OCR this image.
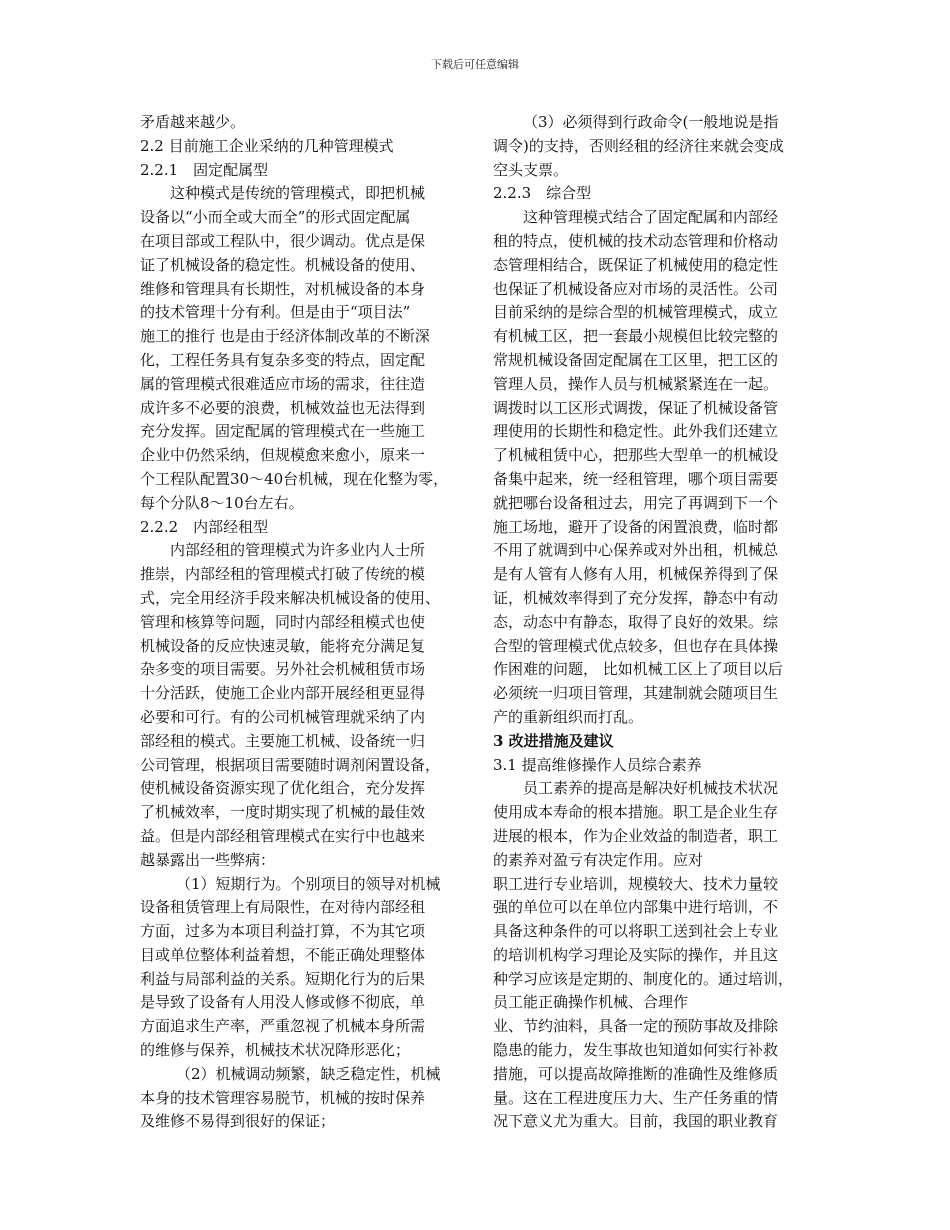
下载后可任意编辑
矛盾越来越少。
2.2 目前施工企业采纳的几种管理模式
2.2.1　固定配属型
这种模式是传统的管理模式，即把机械
设备以“小而全或大而全”的形式固定配属
在项目部或工程队中，很少调动。优点是保
证了机械设备的稳定性。机械设备的使用、
维修和管理具有长期性，对机械设备的本身
的技术管理十分有利。但是由于“项目法”
施工的推行 也是由于经济体制改革的不断深
化，工程任务具有复杂多变的特点，固定配
属的管理模式很难适应市场的需求，往往造
成许多不必要的浪费，机械效益也无法得到
充分发挥。固定配属的管理模式在一些施工
企业中仍然采纳，但规模愈来愈小，原来一
个工程队配置30～40台机械，现在化整为零，
每个分队8～10台左右。
2.2.2　内部经租型
内部经租的管理模式为许多业内人士所
推崇，内部经租的管理模式打破了传统的模
式，完全用经济手段来解决机械设备的使用、
管理和核算等问题，同时内部经租模式也使
机械设备的反应快速灵敏，能将充分满足复
杂多变的项目需要。另外社会机械租赁市场
十分活跃，使施工企业内部开展经租更显得
必要和可行。有的公司机械管理就采纳了内
部经租的模式。主要施工机械、设备统一归
公司管理，根据项目需要随时调剂闲置设备，
使机械设备资源实现了优化组合，充分发挥
了机械效率，一度时期实现了机械的最佳效
益。但是内部经租管理模式在实行中也越来
越暴露出一些弊病：
（1）短期行为。个别项目的领导对机械
设备租赁管理上有局限性，在对待内部经租
方面，过多为本项目利益打算，不为其它项
目或单位整体利益着想，不能正确处理整体
利益与局部利益的关系。短期化行为的后果
是导致了设备有人用没人修或修不彻底，单
方面追求生产率，严重忽视了机械本身所需
的维修与保养，机械技术状况降形恶化；
（2）机械调动频繁，缺乏稳定性，机械
本身的技术管理容易脱节，机械的按时保养
及维修不易得到很好的保证；
（3）必须得到行政命令(一般地说是指
调令)的支持，否则经租的经济往来就会变成
空头支票。
2.2.3　综合型
这种管理模式结合了固定配属和内部经
租的特点，使机械的技术动态管理和价格动
态管理相结合，既保证了机械使用的稳定性
也保证了机械设备应对市场的灵活性。公司
目前采纳的是综合型的机械管理模式，成立
有机械工区，把一套最小规模但比较完整的
常规机械设备固定配属在工区里，把工区的
管理人员，操作人员与机械紧紧连在一起。
调拨时以工区形式调拨，保证了机械设备管
理使用的长期性和稳定性。此外我们还建立
了机械租赁中心，把那些大型单一的机械设
备集中起来，统一经租管理，哪个项目需要
就把哪台设备租过去，用完了再调到下一个
施工场地，避开了设备的闲置浪费，临时都
不用了就调到中心保养或对外出租，机械总
是有人管有人修有人用，机械保养得到了保
证，机械效率得到了充分发挥，静态中有动
态，动态中有静态，取得了良好的效果。综
合型的管理模式优点较多，但也存在具体操
作困难的问题， 比如机械工区上了项目以后
必须统一归项目管理，其建制就会随项目生
产的重新组织而打乱。
3 改进措施及建议
3.1 提高维修操作人员综合素养
员工素养的提高是解决好机械技术状况
使用成本寿命的根本措施。职工是企业生存
进展的根本，作为企业效益的制造者，职工
的素养对盈亏有决定作用。应对
职工进行专业培训，规模较大、技术力量较
强的单位可以在单位内部集中进行培训，不
具备这种条件的可以将职工送到社会上专业
的培训机构学习理论及实际的操作，并且这
种学习应该是定期的、制度化的。通过培训，
员工能正确操作机械、合理作
业、节约油料，具备一定的预防事故及排除
隐患的能力，发生事故也知道如何实行补救
措施，可以提高故障推断的准确性及维修质
量。这在工程进度压力大、生产任务重的情
况下意义尤为重大。目前，我国的职业教育
